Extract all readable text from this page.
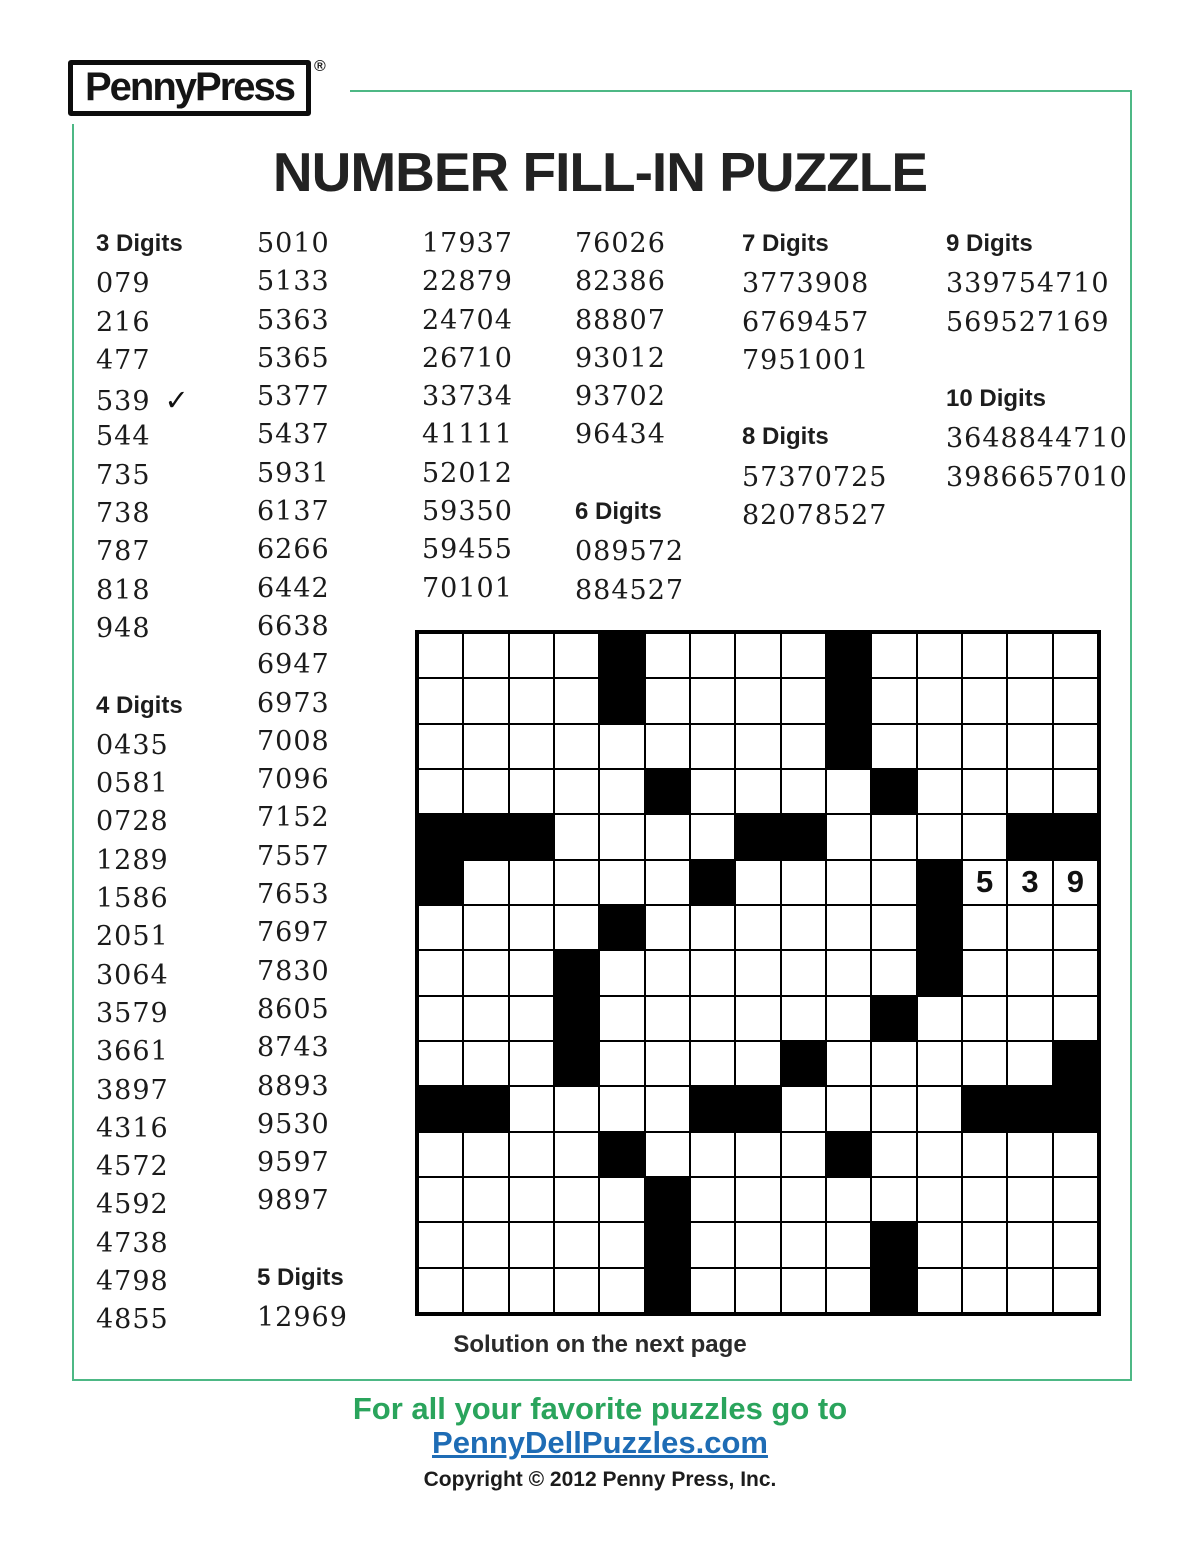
PennyPress	®
NUMBER FILL-IN PUZZLE
3 Digits
079
216
477
539 ✓
544
735
738
787
818
948
4 Digits
0435
0581
0728
1289
1586
2051
3064
3579
3661
3897
4316
4572
4592
4738
4798
4855
5010
5133
5363
5365
5377
5437
5931
6137
6266
6442
6638
6947
6973
7008
7096
7152
7557
7653
7697
7830
8605
8743
8893
9530
9597
9897
5 Digits
12969
17937
22879
24704
26710
33734
41111
52012
59350
59455
70101
76026
82386
88807
93012
93702
96434
6 Digits
089572
884527
7 Digits
3773908
6769457
7951001
8 Digits
57370725
82078527
9 Digits
339754710
569527169
10 Digits
3648844710
3986657010
5 3 9
Solution on the next page
For all your favorite puzzles go to
PennyDellPuzzles.com
Copyright © 2012 Penny Press, Inc.
